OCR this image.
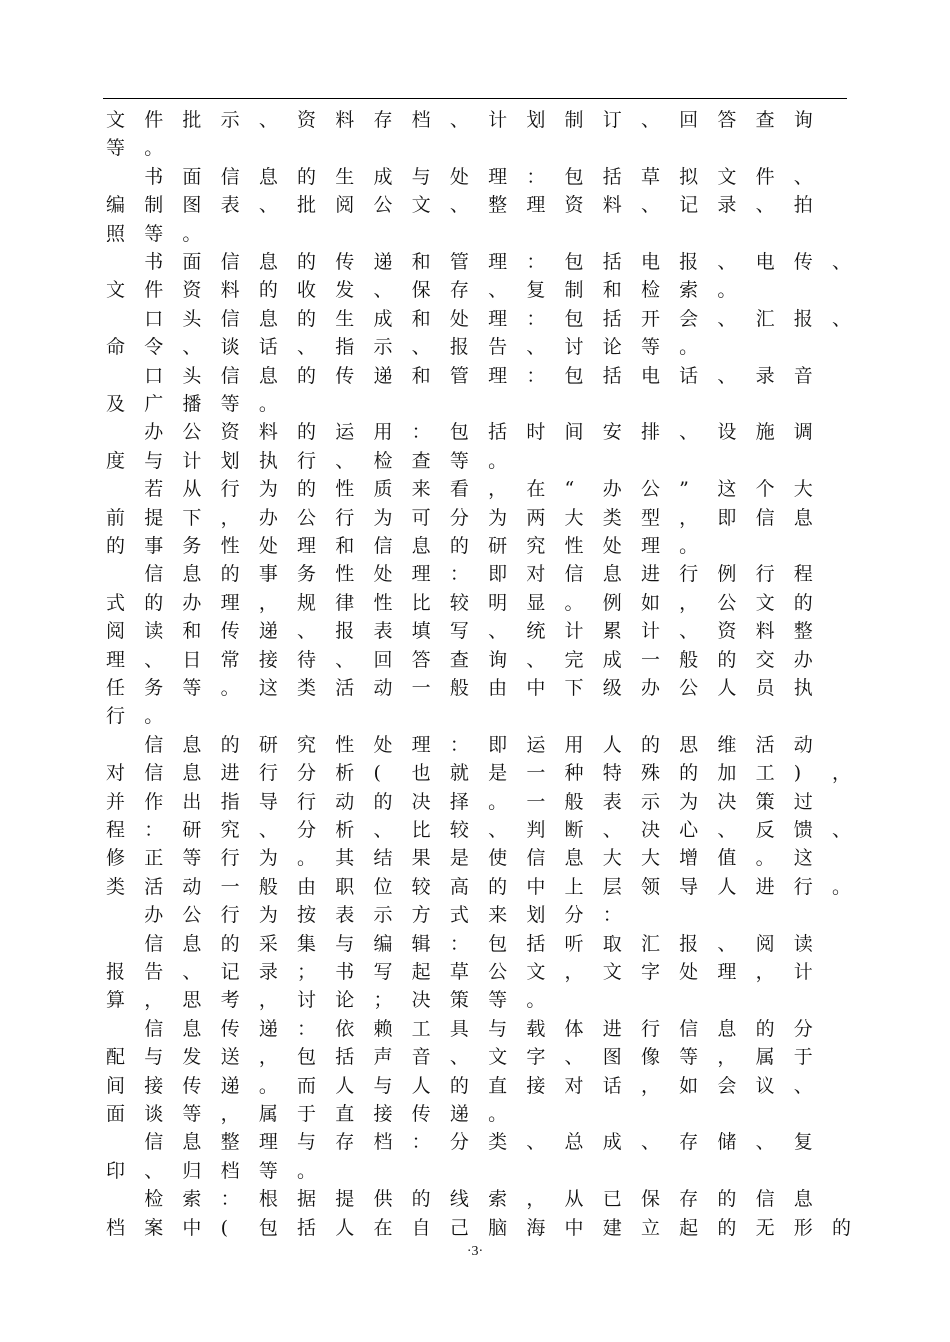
文 件 批 示 、 资 料 存 档 、 计 划 制 订 、 回 答 查 询
等 。

书 面 信 息 的 生 成 与 处 理 ： 包 括 草 拟 文 件 、
编 制 图 表 、 批 阅 公 文 、 整 理 资 料 、 记 录 、 拍
照 等 。

书 面 信 息 的 传 递 和 管 理 ： 包 括 电 报 、 电 传 、
文 件 资 料 的 收 发 、 保 存 、 复 制 和 检 索 。

口 头 信 息 的 生 成 和 处 理 ： 包 括 开 会 、 汇 报 、
命 令 、 谈 话 、 指 示 、 报 告 、 讨 论 等 。

口 头 信 息 的 传 递 和 管 理 ： 包 括 电 话 、 录 音
及 广 播 等 。

办 公 资 料 的 运 用 ： 包 括 时 间 安 排 、 设 施 调
度 与 计 划 执 行 、 检 查 等 。

若 从 行 为 的 性 质 来 看 ， 在 “ 办 公 ” 这 个 大
前 提 下 ， 办 公 行 为 可 分 为 两 大 类 型 ， 即 信 息
的 事 务 性 处 理 和 信 息 的 研 究 性 处 理 。

信 息 的 事 务 性 处 理 ： 即 对 信 息 进 行 例 行 程
式 的 办 理 ， 规 律 性 比 较 明 显 。 例 如 ， 公 文 的
阅 读 和 传 递 、 报 表 填 写 、 统 计 累 计 、 资 料 整
理 、 日 常 接 待 、 回 答 查 询 、 完 成 一 般 的 交 办
任 务 等 。 这 类 活 动 一 般 由 中 下 级 办 公 人 员 执
行 。

信 息 的 研 究 性 处 理 ： 即 运 用 人 的 思 维 活 动
对 信 息 进 行 分 析 ( 也 就 是 一 种 特 殊 的 加 工 ) ，
并 作 出 指 导 行 动 的 决 择 。 一 般 表 示 为 决 策 过
程 ： 研 究 、 分 析 、 比 较 、 判 断 、 决 心 、 反 馈 、
修 正 等 行 为 。 其 结 果 是 使 信 息 大 大 增 值 。 这
类 活 动 一 般 由 职 位 较 高 的 中 上 层 领 导 人 进 行 。

办 公 行 为 按 表 示 方 式 来 划 分 ：

信 息 的 采 集 与 编 辑 ： 包 括 听 取 汇 报 、 阅 读
报 告 、 记 录 ； 书 写 起 草 公 文 ， 文 字 处 理 ， 计
算 ， 思 考 ， 讨 论 ； 决 策 等 。

信 息 传 递 ： 依 赖 工 具 与 载 体 进 行 信 息 的 分
配 与 发 送 ， 包 括 声 音 、 文 字 、 图 像 等 ， 属 于
间 接 传 递 。 而 人 与 人 的 直 接 对 话 ， 如 会 议 、
面 谈 等 ， 属 于 直 接 传 递 。

信 息 整 理 与 存 档 ： 分 类 、 总 成 、 存 储 、 复
印 、 归 档 等 。

检 索 ： 根 据 提 供 的 线 索 ， 从 已 保 存 的 信 息
档 案 中 ( 包 括 人 在 自 己 脑 海 中 建 立 起 的 无 形 的
·3·
